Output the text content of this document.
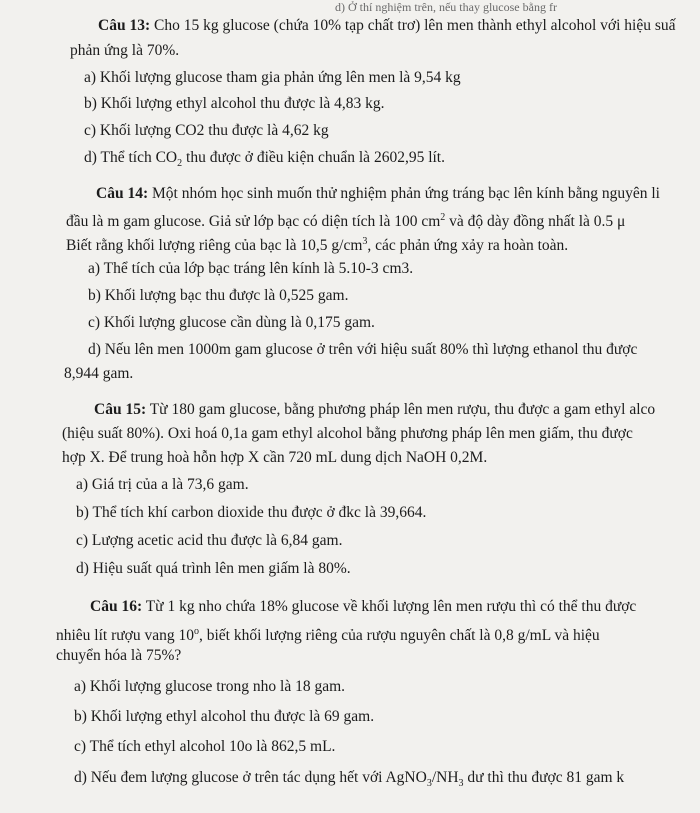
d) Ở thí nghiệm trên, nếu thay glucose bằng fr
Câu 13: Cho 15 kg glucose (chứa 10% tạp chất trơ) lên men thành ethyl alcohol với hiệu suấ
phản ứng là 70%.
a) Khối lượng glucose tham gia phản ứng lên men là 9,54 kg
b) Khối lượng ethyl alcohol thu được là 4,83 kg.
c) Khối lượng CO2 thu được là 4,62 kg
d) Thể tích $CO_2$ thu được ở điều kiện chuẩn là 2602,95 lít.
Câu 14: Một nhóm học sinh muốn thử nghiệm phản ứng tráng bạc lên kính bằng nguyên li
đầu là m gam glucose. Giả sử lớp bạc có diện tích là 100 $cm^2$ và độ dày đồng nhất là 0.5 μ
Biết rằng khối lượng riêng của bạc là 10,5 $g/cm^3$, các phản ứng xảy ra hoàn toàn.
a) Thể tích của lớp bạc tráng lên kính là 5.10-3 cm3.
b) Khối lượng bạc thu được là 0,525 gam.
c) Khối lượng glucose cần dùng là 0,175 gam.
d) Nếu lên men 1000m gam glucose ở trên với hiệu suất 80% thì lượng ethanol thu được
8,944 gam.
Câu 15: Từ 180 gam glucose, bằng phương pháp lên men rượu, thu được a gam ethyl alco
(hiệu suất 80%). Oxi hoá 0,1a gam ethyl alcohol bằng phương pháp lên men giấm, thu được
hợp X. Để trung hoà hỗn hợp X cần 720 mL dung dịch NaOH 0,2M.
a) Giá trị của a là 73,6 gam.
b) Thể tích khí carbon dioxide thu được ở đkc là 39,664.
c) Lượng acetic acid thu được là 6,84 gam.
d) Hiệu suất quá trình lên men giấm là 80%.
Câu 16: Từ 1 kg nho chứa 18% glucose về khối lượng lên men rượu thì có thể thu được
nhiêu lít rượu vang 10$^o$, biết khối lượng riêng của rượu nguyên chất là 0,8 g/mL và hiệu
chuyển hóa là 75%?
a) Khối lượng glucose trong nho là 18 gam.
b) Khối lượng ethyl alcohol thu được là 69 gam.
c) Thể tích ethyl alcohol 10o là 862,5 mL.
d) Nếu đem lượng glucose ở trên tác dụng hết với $AgNO_3/NH_3$ dư thì thu được 81 gam k
